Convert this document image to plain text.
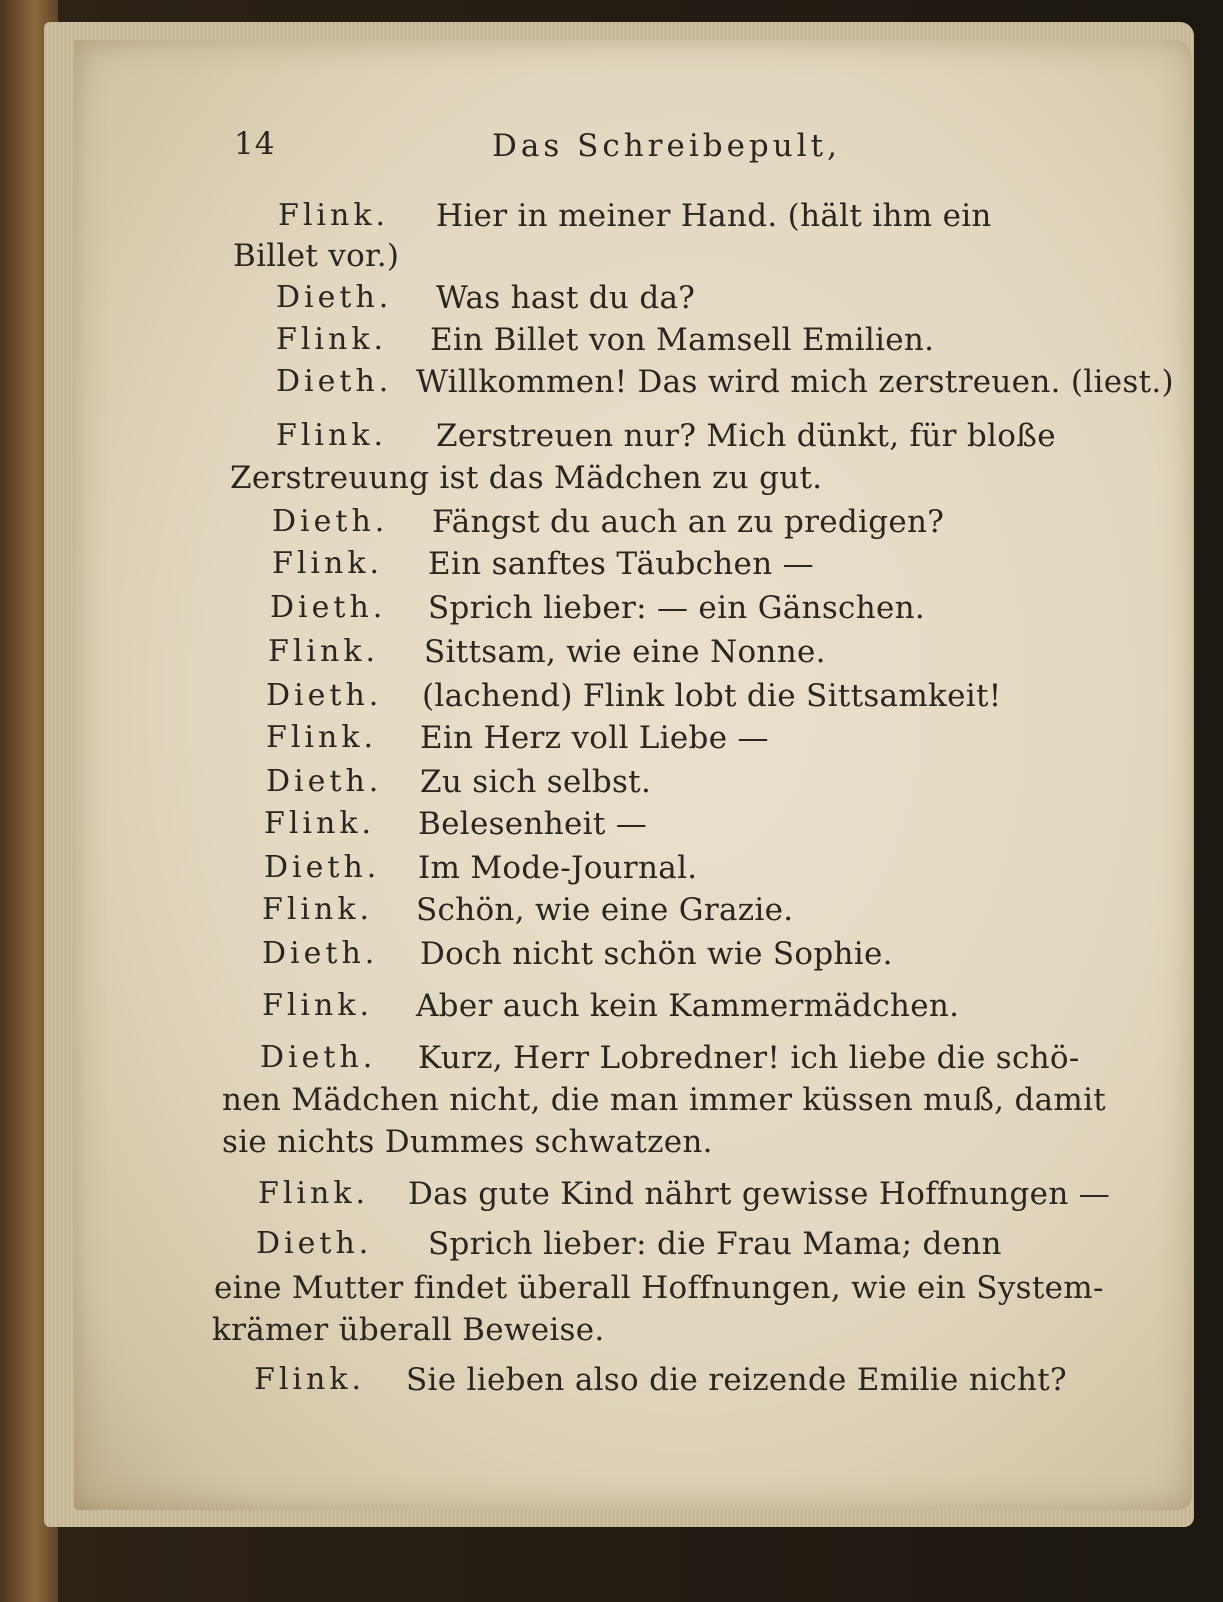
14	Das Schreibepult,
Flink. Hier in meiner Hand. (hält ihm ein
Billet vor.)
Dieth. Was hast du da?
Flink. Ein Billet von Mamsell Emilien.
Dieth. Willkommen! Das wird mich zerstreuen. (liest.)
Flink. Zerstreuen nur? Mich dünkt, für bloße
Zerstreuung ist das Mädchen zu gut.
Dieth. Fängst du auch an zu predigen?
Flink. Ein sanftes Täubchen —
Dieth. Sprich lieber: — ein Gänschen.
Flink. Sittsam, wie eine Nonne.
Dieth. (lachend) Flink lobt die Sittsamkeit!
Flink. Ein Herz voll Liebe —
Dieth. Zu sich selbst.
Flink. Belesenheit —
Dieth. Im Mode-Journal.
Flink. Schön, wie eine Grazie.
Dieth. Doch nicht schön wie Sophie.
Flink. Aber auch kein Kammermädchen.
Dieth. Kurz, Herr Lobredner! ich liebe die schö-
nen Mädchen nicht, die man immer küssen muß, damit
sie nichts Dummes schwatzen.
Flink. Das gute Kind nährt gewisse Hoffnungen —
Dieth. Sprich lieber: die Frau Mama; denn
eine Mutter findet überall Hoffnungen, wie ein System-
krämer überall Beweise.
Flink. Sie lieben also die reizende Emilie nicht?
